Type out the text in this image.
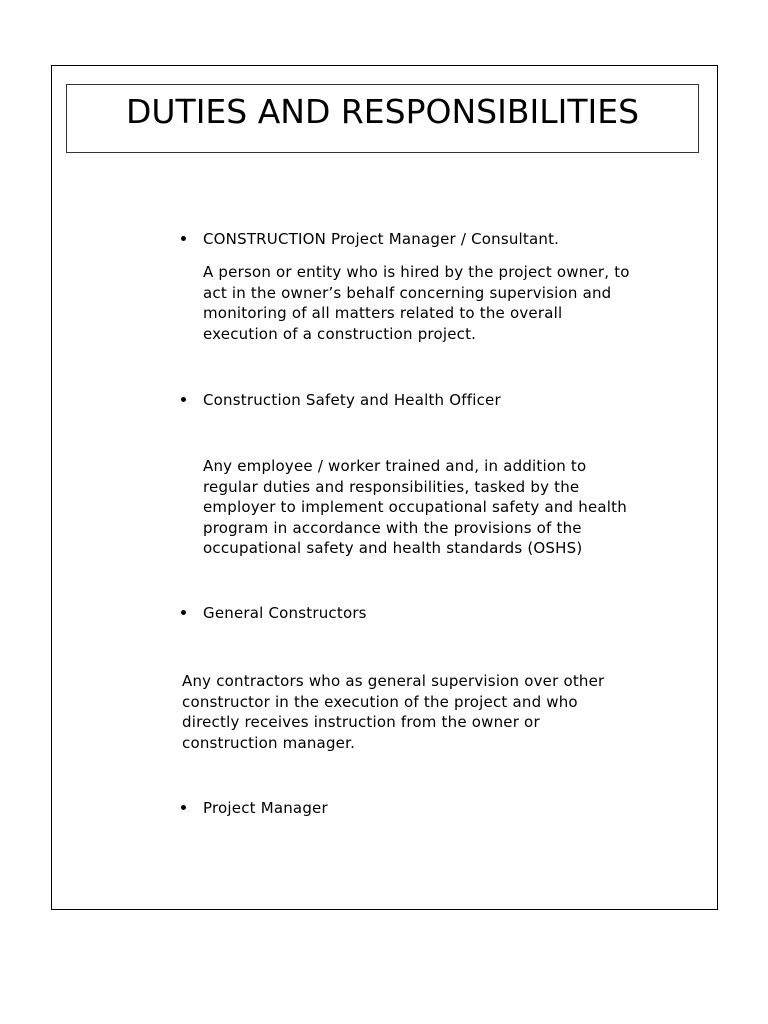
DUTIES AND RESPONSIBILITIES
CONSTRUCTION Project Manager / Consultant.
A person or entity who is hired by the project owner, to
act in the owner’s behalf concerning supervision and
monitoring of all matters related to the overall
execution of a construction project.
Construction Safety and Health Officer
Any employee / worker trained and, in addition to
regular duties and responsibilities, tasked by the
employer to implement occupational safety and health
program in accordance with the provisions of the
occupational safety and health standards (OSHS)
General Constructors
Any contractors who as general supervision over other
constructor in the execution of the project and who
directly receives instruction from the owner or
construction manager.
Project Manager
